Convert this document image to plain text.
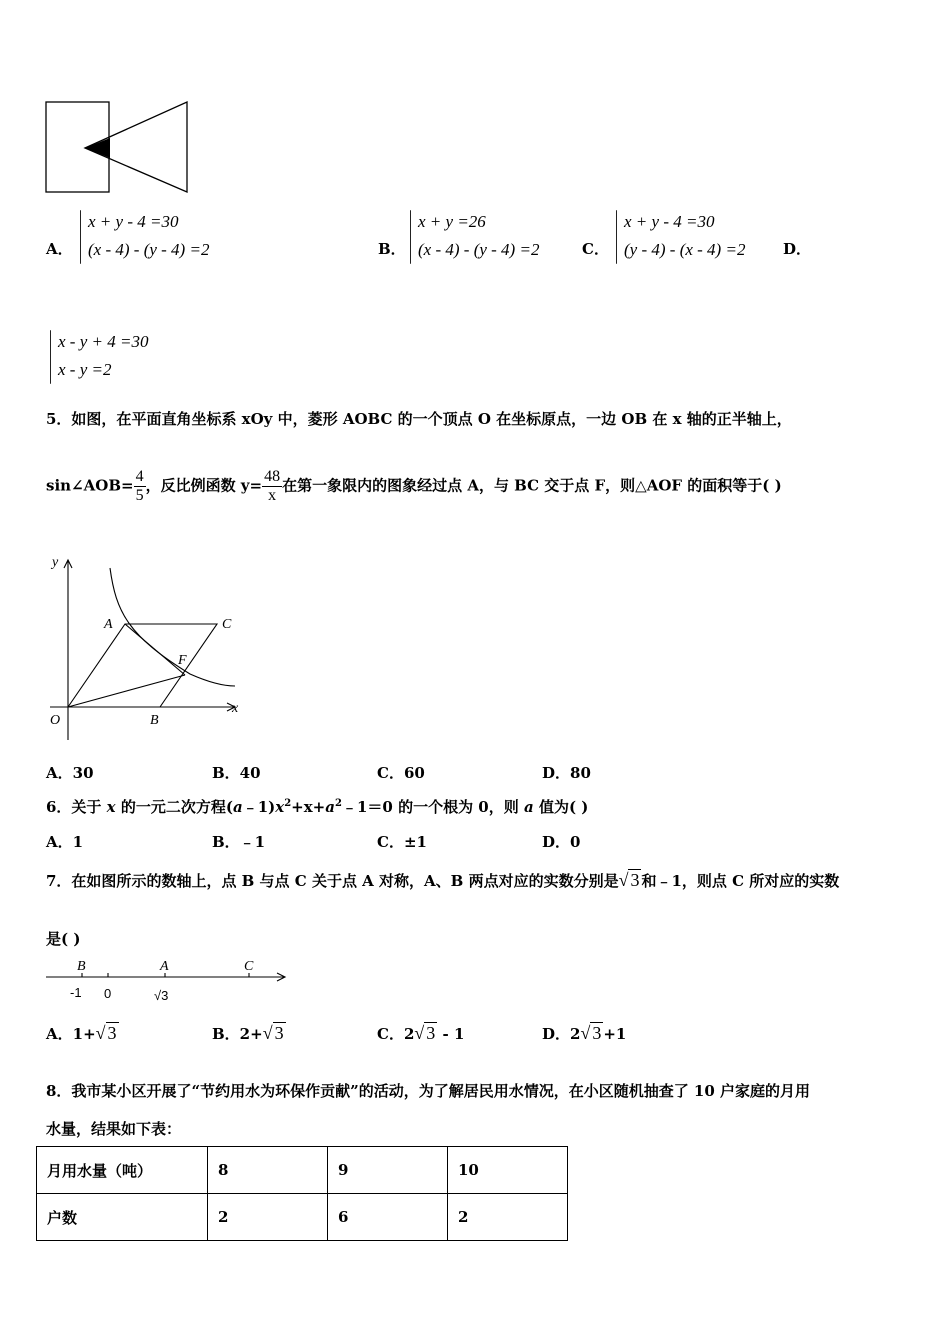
A．
x + y - 4 =30
(x - 4) - (y - 4) =2	B．
x + y =26
(x - 4) - (y - 4) =2	C．
x + y - 4 =30
(y - 4) - (x - 4) =2	D．
x - y + 4 =30
x - y =2
5．如图，在平面直角坐标系 xOy 中，菱形 AOBC 的一个顶点 O 在坐标原点，一边 OB 在 x 轴的正半轴上，
sin∠AOB= $\frac{4}{5}$ ，反比例函数 $y= \frac{48}{x}$ 在第一象限内的图象经过点 A，与 BC 交于点 F，则△AOF 的面积等于( )
y
x
O
A	C
F
B
A．30	B．40	C．60	D．80
6．关于 x 的一元二次方程$(a﹣1)x^2+x+a^2﹣1=0$ 的一个根为 0，则 a 值为( )
A．1	B．﹣1	C．±1	D．0
7．在如图所示的数轴上，点 B 与点 C 关于点 A 对称，A、B 两点对应的实数分别是√ 3 和﹣1，则点 C 所对应的实数
是( )
B	A	C
-1 0	√3
A．1+√ 3	B．2+√ 3	C．2√ 3 - 1	D．2√ 3 +1
8．我市某小区开展了“节约用水为环保作贡献”的活动，为了解居民用水情况，在小区随机抽查了 10 户家庭的月用
水量，结果如下表：
月用水量（吨）	8	9	10
户数	2	6	2
